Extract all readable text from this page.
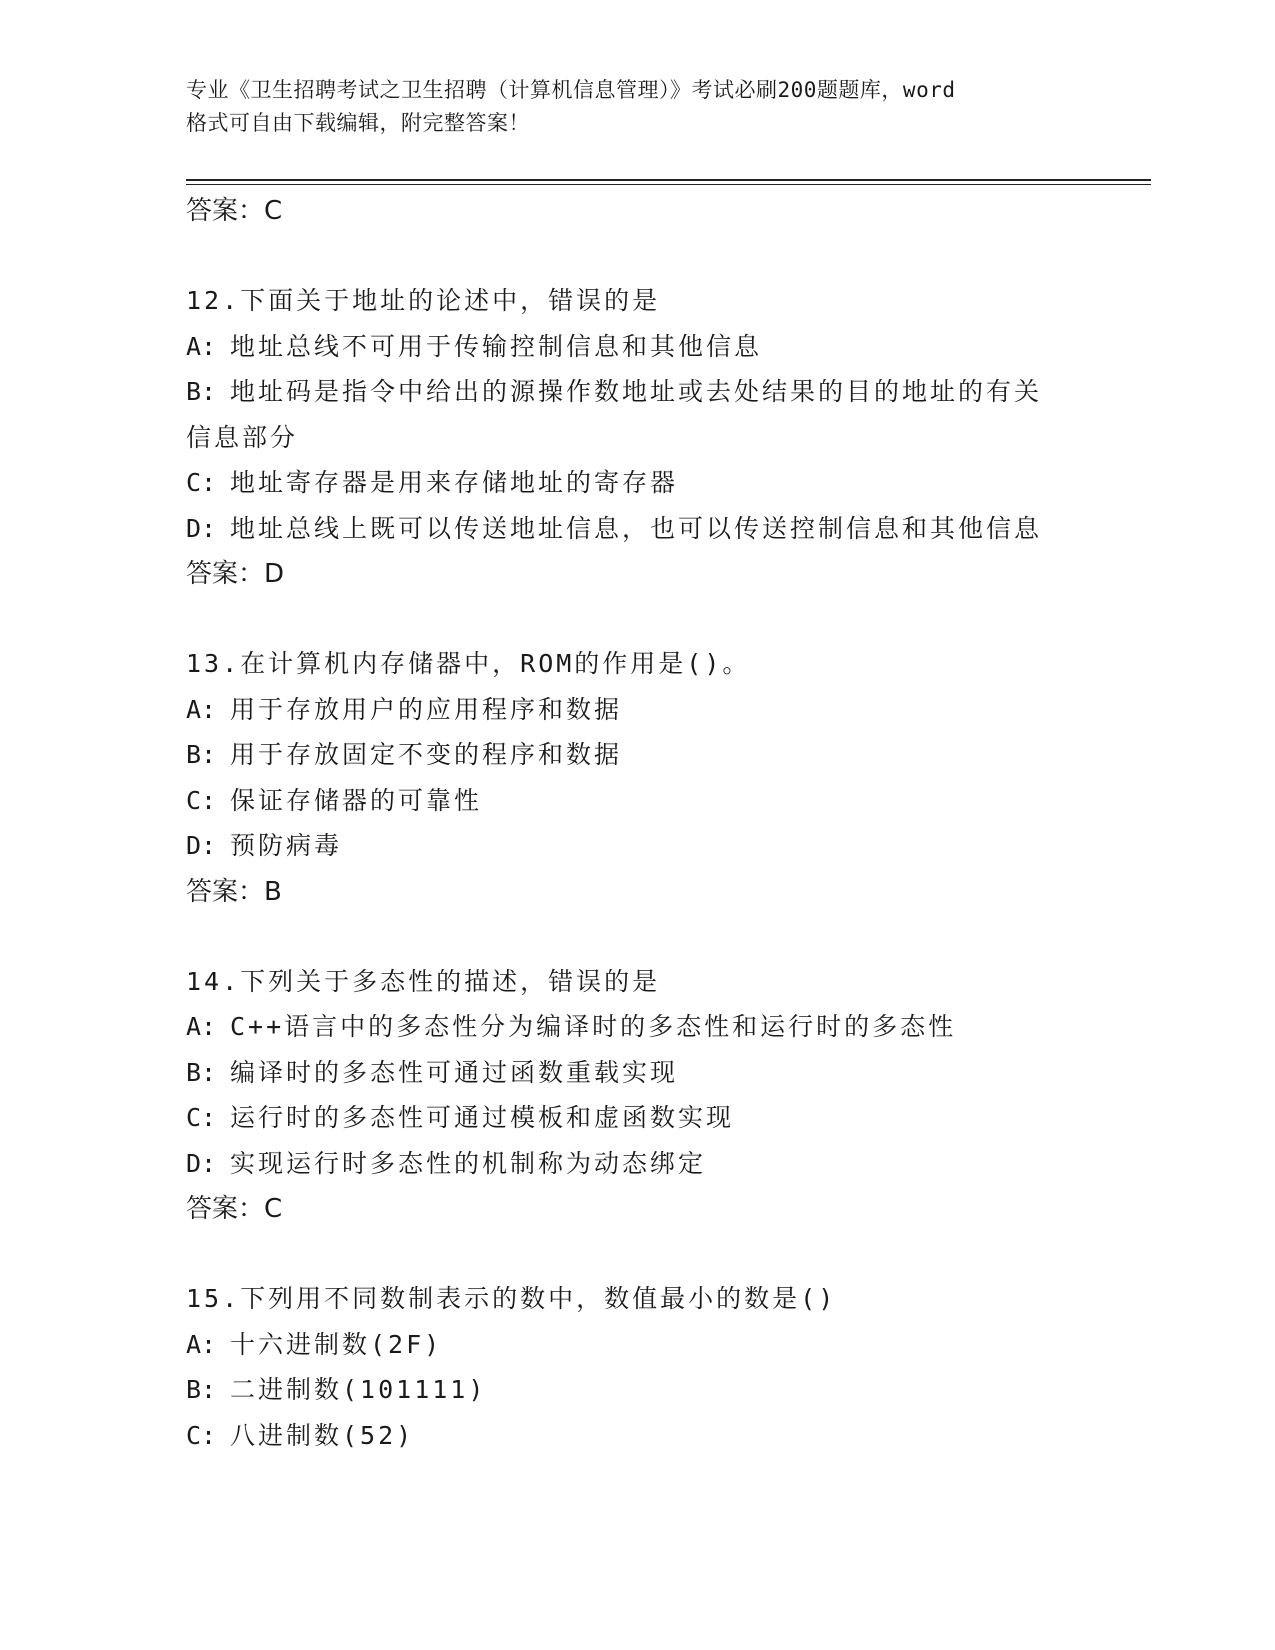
专业《卫生招聘考试之卫生招聘（计算机信息管理）》考试必刷200题题库，word
格式可自由下载编辑，附完整答案！
答案：C
12.下面关于地址的论述中，错误的是
A: 地址总线不可用于传输控制信息和其他信息
B: 地址码是指令中给出的源操作数地址或去处结果的目的地址的有关
信息部分
C: 地址寄存器是用来存储地址的寄存器
D: 地址总线上既可以传送地址信息，也可以传送控制信息和其他信息
答案：D
13.在计算机内存储器中，ROM的作用是()。
A: 用于存放用户的应用程序和数据
B: 用于存放固定不变的程序和数据
C: 保证存储器的可靠性
D: 预防病毒
答案：B
14.下列关于多态性的描述，错误的是
A: C++语言中的多态性分为编译时的多态性和运行时的多态性
B: 编译时的多态性可通过函数重载实现
C: 运行时的多态性可通过模板和虚函数实现
D: 实现运行时多态性的机制称为动态绑定
答案：C
15.下列用不同数制表示的数中，数值最小的数是()
A: 十六进制数(2F)
B: 二进制数(101111)
C: 八进制数(52)
